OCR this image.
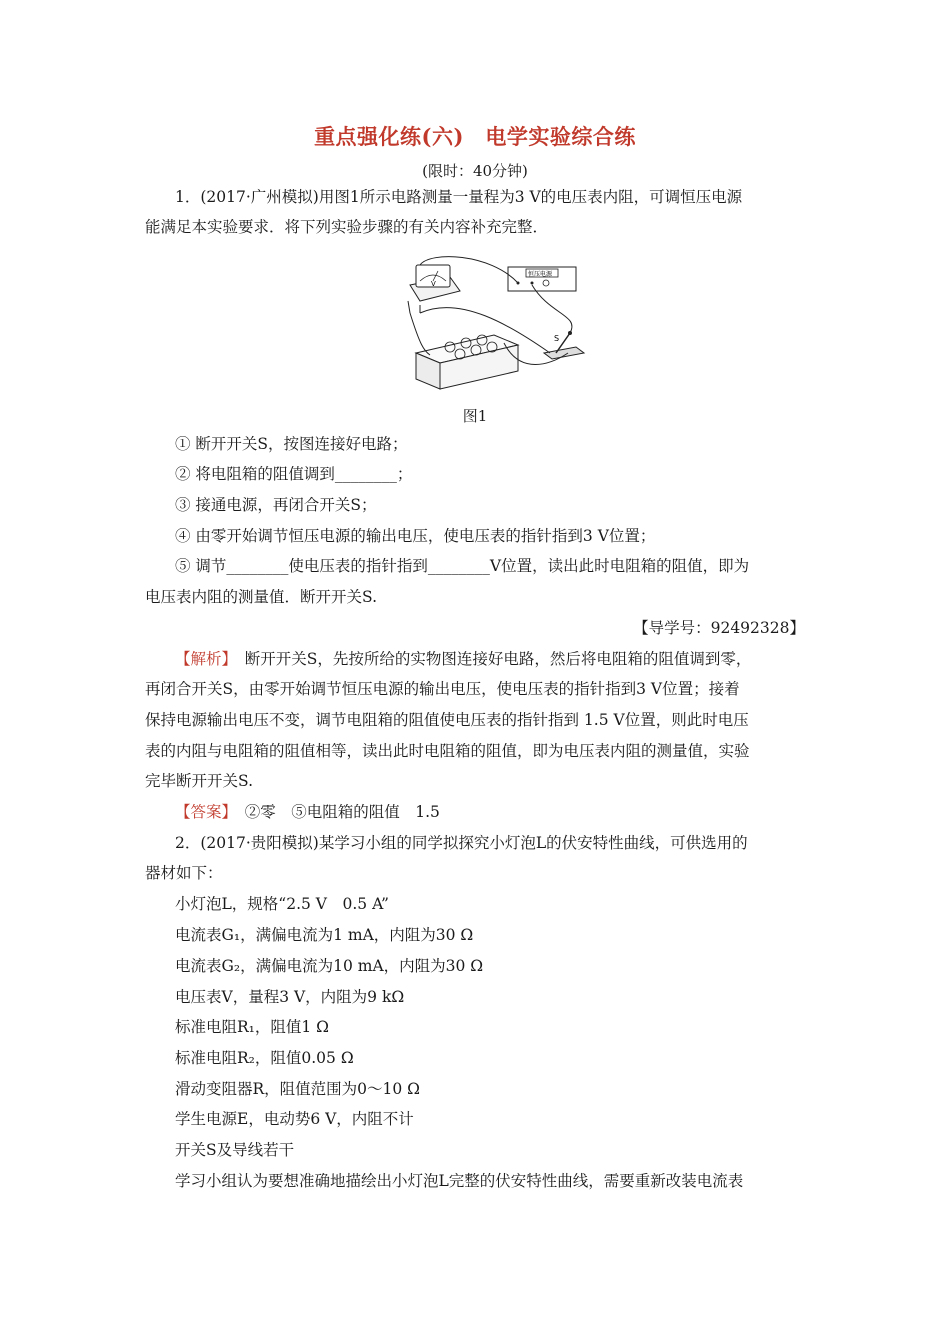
重点强化练(六)　电学实验综合练
(限时：40分钟)
1．(2017·广州模拟)用图1所示电路测量一量程为3 V的电压表内阻，可调恒压电源
能满足本实验要求．将下列实验步骤的有关内容补充完整．
V
恒压电源
S
图1
① 断开开关S，按图连接好电路；
② 将电阻箱的阻值调到________；
③ 接通电源，再闭合开关S；
④ 由零开始调节恒压电源的输出电压，使电压表的指针指到3 V位置；
⑤ 调节________使电压表的指针指到________V位置，读出此时电阻箱的阻值，即为
电压表内阻的测量值．断开开关S.
【导学号：92492328】
【解析】　断开开关S，先按所给的实物图连接好电路，然后将电阻箱的阻值调到零，
再闭合开关S，由零开始调节恒压电源的输出电压，使电压表的指针指到3 V位置；接着
保持电源输出电压不变，调节电阻箱的阻值使电压表的指针指到 1.5 V位置，则此时电压
表的内阻与电阻箱的阻值相等，读出此时电阻箱的阻值，即为电压表内阻的测量值，实验
完毕断开开关S.
【答案】　②零　⑤电阻箱的阻值　1.5
2．(2017·贵阳模拟)某学习小组的同学拟探究小灯泡L的伏安特性曲线，可供选用的
器材如下：
小灯泡L，规格“2.5 V　0.5 A”
电流表G₁，满偏电流为1 mA，内阻为30 Ω
电流表G₂，满偏电流为10 mA，内阻为30 Ω
电压表V，量程3 V，内阻为9 kΩ
标准电阻R₁，阻值1 Ω
标准电阻R₂，阻值0.05 Ω
滑动变阻器R，阻值范围为0～10 Ω
学生电源E，电动势6 V，内阻不计
开关S及导线若干
学习小组认为要想准确地描绘出小灯泡L完整的伏安特性曲线，需要重新改装电流表
